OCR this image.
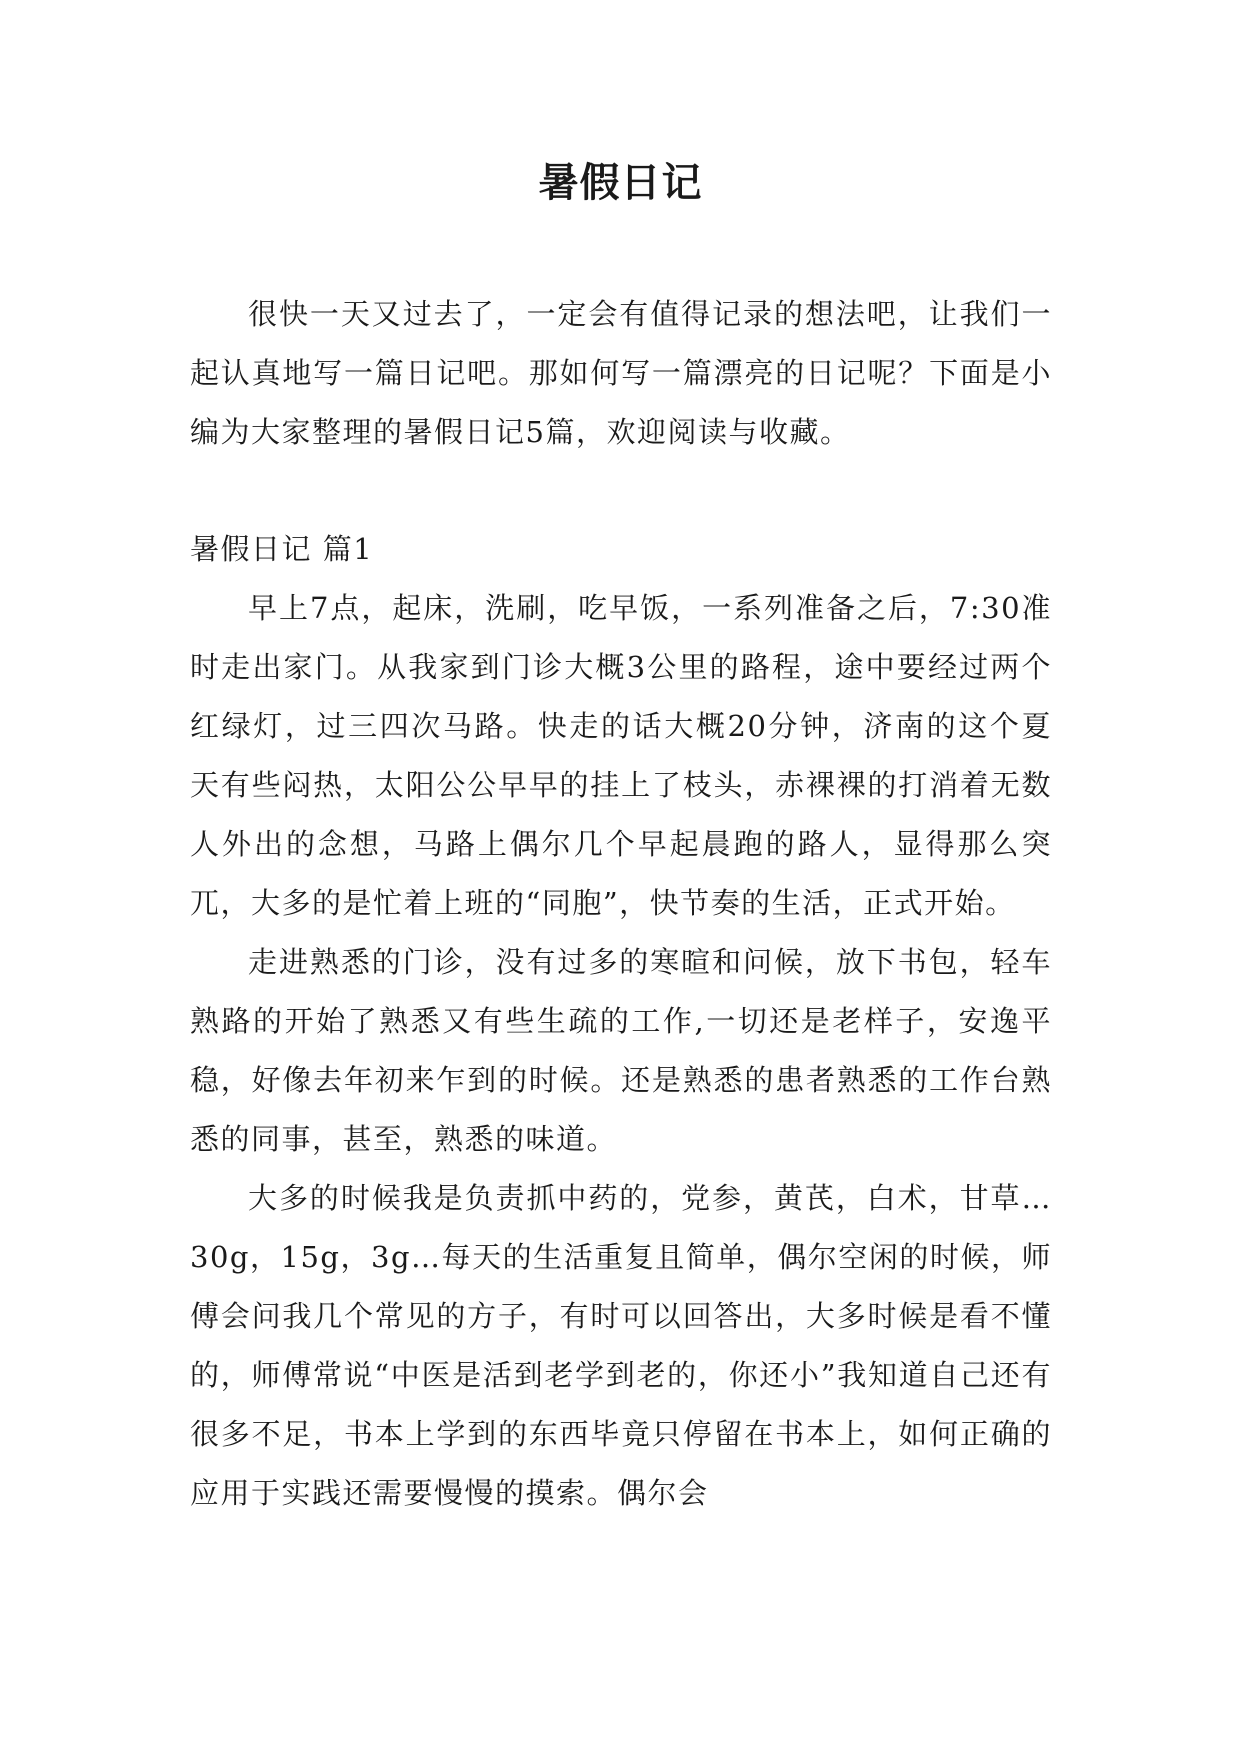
暑假日记

很快一天又过去了，一定会有值得记录的想法吧，让我们一起认真地写一篇日记吧。那如何写一篇漂亮的日记呢？下面是小编为大家整理的暑假日记5篇，欢迎阅读与收藏。

暑假日记 篇1

早上7点，起床，洗刷，吃早饭，一系列准备之后，7:30准时走出家门。从我家到门诊大概3公里的路程，途中要经过两个红绿灯，过三四次马路。快走的话大概20分钟，济南的这个夏天有些闷热，太阳公公早早的挂上了枝头，赤裸裸的打消着无数人外出的念想，马路上偶尔几个早起晨跑的路人，显得那么突兀，大多的是忙着上班的“同胞”，快节奏的生活，正式开始。

走进熟悉的门诊，没有过多的寒暄和问候，放下书包，轻车熟路的开始了熟悉又有些生疏的工作,一切还是老样子，安逸平稳，好像去年初来乍到的时候。还是熟悉的患者熟悉的工作台熟悉的同事，甚至，熟悉的味道。

大多的时候我是负责抓中药的，党参，黄芪，白术，甘草…30g，15g，3g…每天的生活重复且简单，偶尔空闲的时候，师傅会问我几个常见的方子，有时可以回答出，大多时候是看不懂的，师傅常说“中医是活到老学到老的，你还小”我知道自己还有很多不足，书本上学到的东西毕竟只停留在书本上，如何正确的应用于实践还需要慢慢的摸索。偶尔会
